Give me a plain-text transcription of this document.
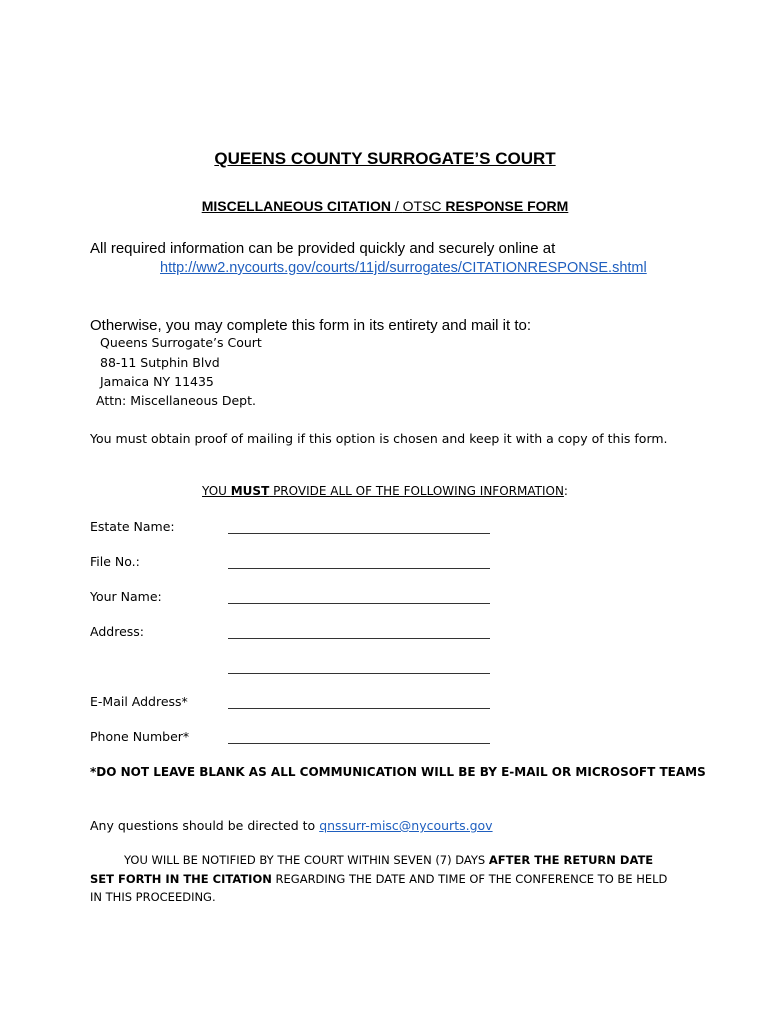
QUEENS COUNTY SURROGATE’S COURT
MISCELLANEOUS CITATION / OTSC RESPONSE FORM
All required information can be provided quickly and securely online at
http://ww2.nycourts.gov/courts/11jd/surrogates/CITATIONRESPONSE.shtml
Otherwise, you may complete this form in its entirety and mail it to:
Queens Surrogate’s Court
88-11 Sutphin Blvd
Jamaica NY 11435
Attn: Miscellaneous Dept.
You must obtain proof of mailing if this option is chosen and keep it with a copy of this form.
YOU MUST PROVIDE ALL OF THE FOLLOWING INFORMATION:
Estate Name:
File No.:
Your Name:
Address:
E-Mail Address*
Phone Number*
*DO NOT LEAVE BLANK AS ALL COMMUNICATION WILL BE BY E-MAIL OR MICROSOFT TEAMS
Any questions should be directed to qnssurr-misc@nycourts.gov
YOU WILL BE NOTIFIED BY THE COURT WITHIN SEVEN (7) DAYS AFTER THE RETURN DATE SET FORTH IN THE CITATION REGARDING THE DATE AND TIME OF THE CONFERENCE TO BE HELD IN THIS PROCEEDING.
